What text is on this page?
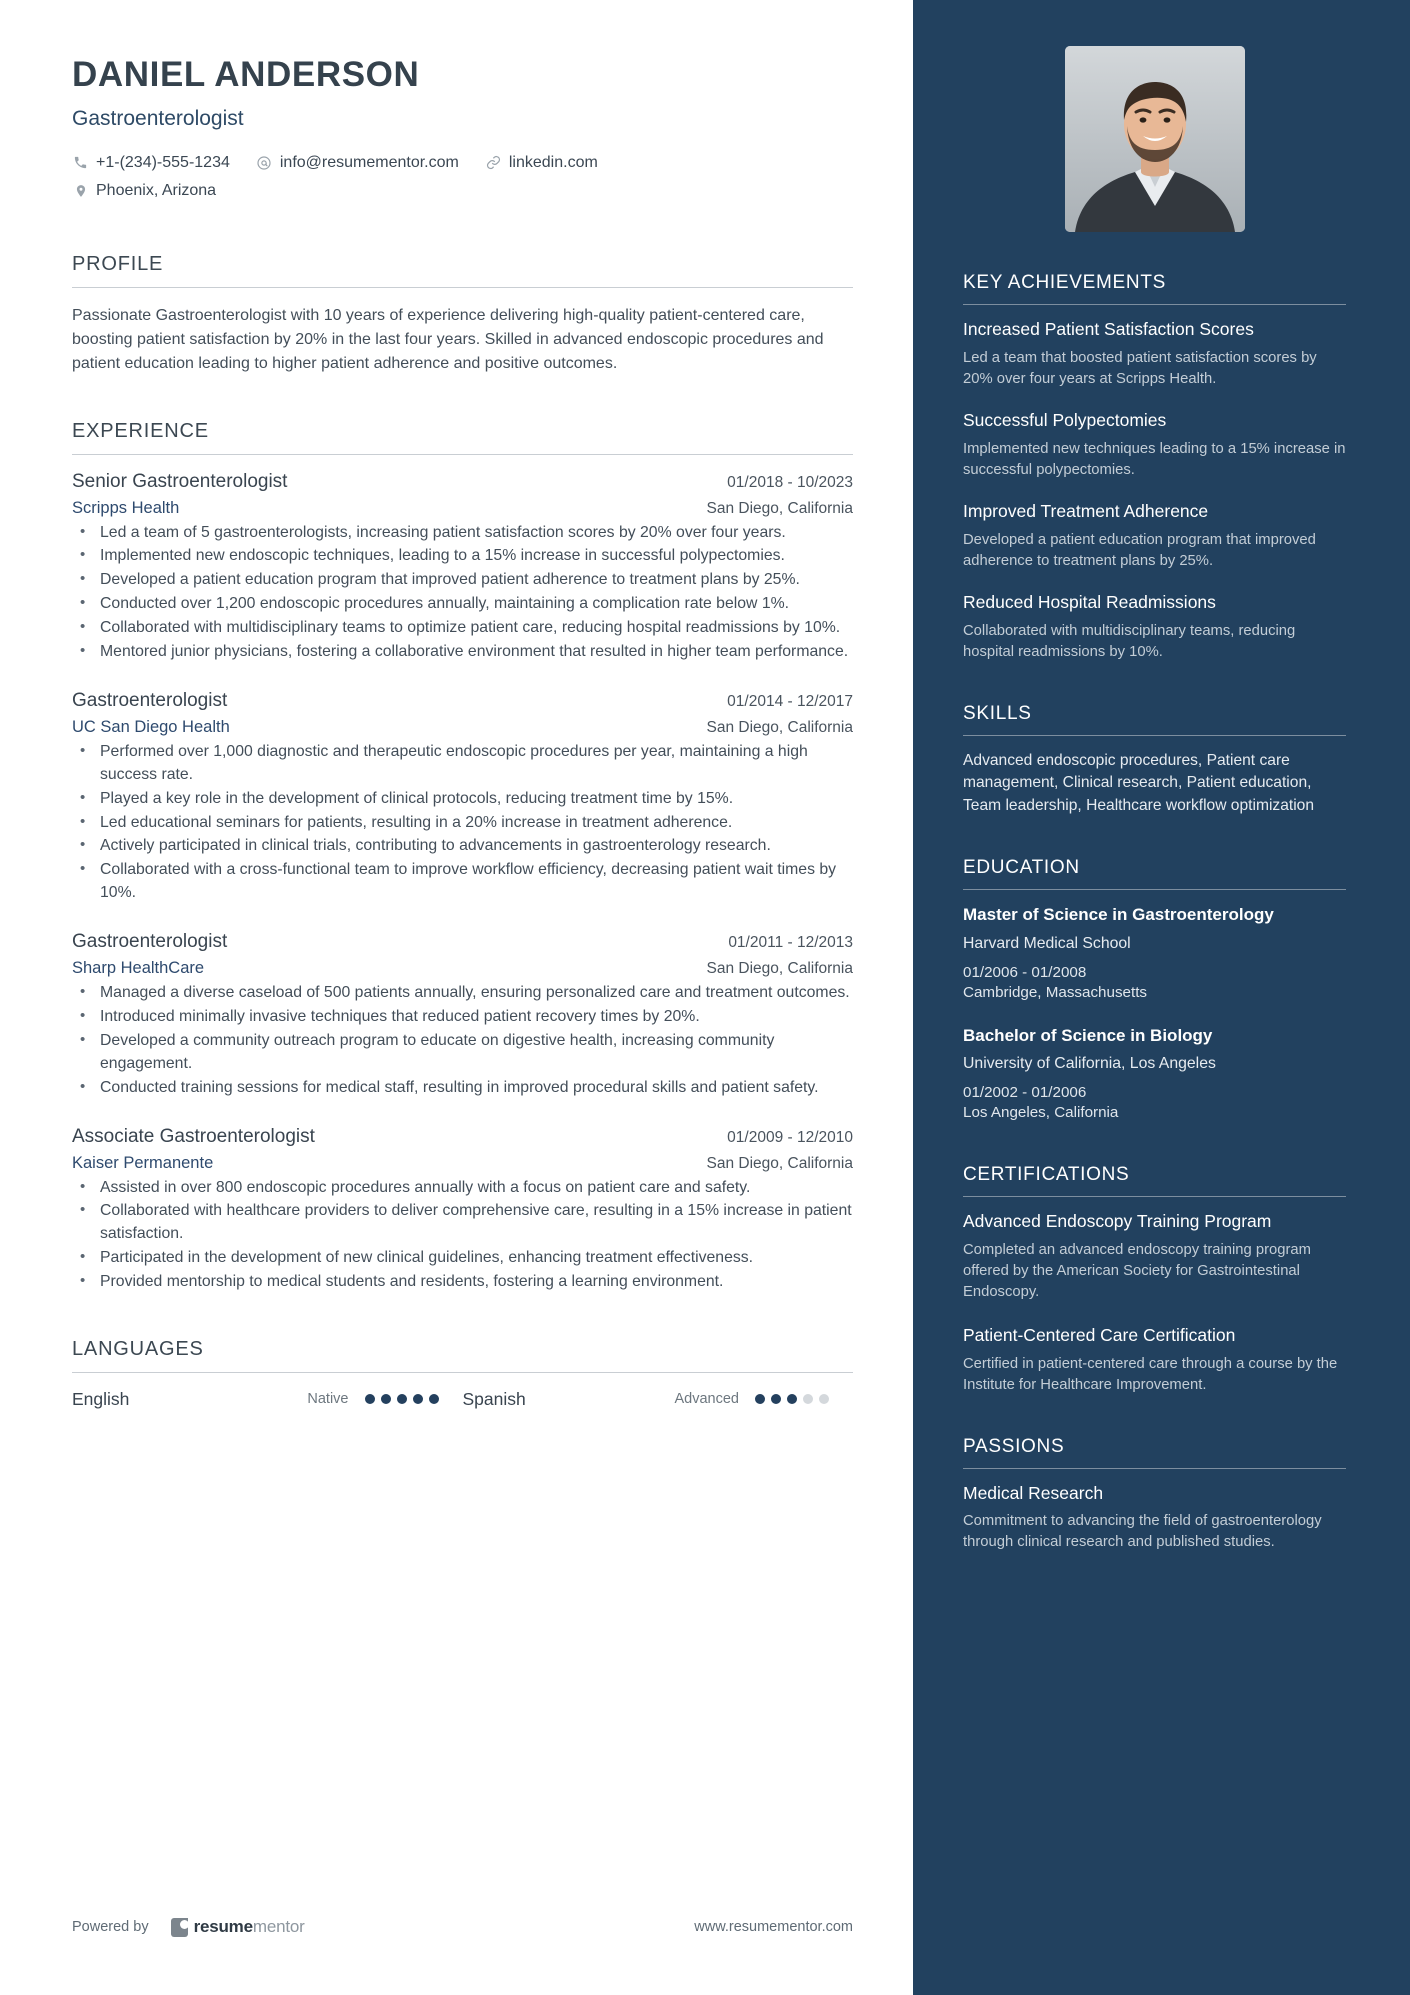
DANIEL ANDERSON
Gastroenterologist
+1-(234)-555-1234	info@resumementor.com	linkedin.com
Phoenix, Arizona
PROFILE
Passionate Gastroenterologist with 10 years of experience delivering high-quality patient-centered care, boosting patient satisfaction by 20% in the last four years. Skilled in advanced endoscopic procedures and patient education leading to higher patient adherence and positive outcomes.
EXPERIENCE
Senior Gastroenterologist	01/2018 - 10/2023
Scripps Health	San Diego, California
• Led a team of 5 gastroenterologists, increasing patient satisfaction scores by 20% over four years.
• Implemented new endoscopic techniques, leading to a 15% increase in successful polypectomies.
• Developed a patient education program that improved patient adherence to treatment plans by 25%.
• Conducted over 1,200 endoscopic procedures annually, maintaining a complication rate below 1%.
• Collaborated with multidisciplinary teams to optimize patient care, reducing hospital readmissions by 10%.
• Mentored junior physicians, fostering a collaborative environment that resulted in higher team performance.
Gastroenterologist	01/2014 - 12/2017
UC San Diego Health	San Diego, California
• Performed over 1,000 diagnostic and therapeutic endoscopic procedures per year, maintaining a high success rate.
• Played a key role in the development of clinical protocols, reducing treatment time by 15%.
• Led educational seminars for patients, resulting in a 20% increase in treatment adherence.
• Actively participated in clinical trials, contributing to advancements in gastroenterology research.
• Collaborated with a cross-functional team to improve workflow efficiency, decreasing patient wait times by 10%.
Gastroenterologist	01/2011 - 12/2013
Sharp HealthCare	San Diego, California
• Managed a diverse caseload of 500 patients annually, ensuring personalized care and treatment outcomes.
• Introduced minimally invasive techniques that reduced patient recovery times by 20%.
• Developed a community outreach program to educate on digestive health, increasing community engagement.
• Conducted training sessions for medical staff, resulting in improved procedural skills and patient safety.
Associate Gastroenterologist	01/2009 - 12/2010
Kaiser Permanente	San Diego, California
• Assisted in over 800 endoscopic procedures annually with a focus on patient care and safety.
• Collaborated with healthcare providers to deliver comprehensive care, resulting in a 15% increase in patient satisfaction.
• Participated in the development of new clinical guidelines, enhancing treatment effectiveness.
• Provided mentorship to medical students and residents, fostering a learning environment.
LANGUAGES
English	Native	Spanish	Advanced
Powered by	resumementor	www.resumementor.com
KEY ACHIEVEMENTS
Increased Patient Satisfaction Scores
Led a team that boosted patient satisfaction scores by 20% over four years at Scripps Health.
Successful Polypectomies
Implemented new techniques leading to a 15% increase in successful polypectomies.
Improved Treatment Adherence
Developed a patient education program that improved adherence to treatment plans by 25%.
Reduced Hospital Readmissions
Collaborated with multidisciplinary teams, reducing hospital readmissions by 10%.
SKILLS
Advanced endoscopic procedures, Patient care management, Clinical research, Patient education, Team leadership, Healthcare workflow optimization
EDUCATION
Master of Science in Gastroenterology
Harvard Medical School
01/2006 - 01/2008
Cambridge, Massachusetts
Bachelor of Science in Biology
University of California, Los Angeles
01/2002 - 01/2006
Los Angeles, California
CERTIFICATIONS
Advanced Endoscopy Training Program
Completed an advanced endoscopy training program offered by the American Society for Gastrointestinal Endoscopy.
Patient-Centered Care Certification
Certified in patient-centered care through a course by the Institute for Healthcare Improvement.
PASSIONS
Medical Research
Commitment to advancing the field of gastroenterology through clinical research and published studies.
